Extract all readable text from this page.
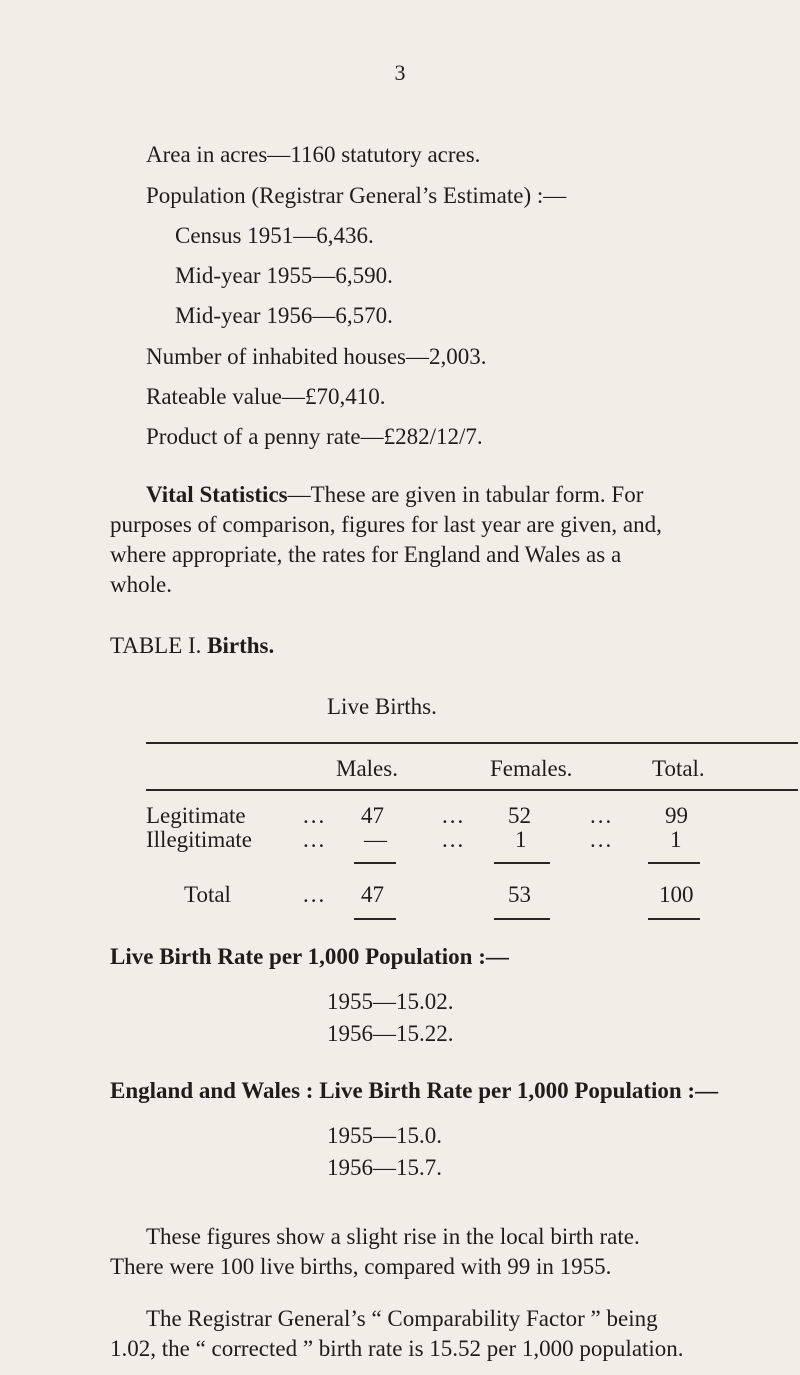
3
Area in acres—1160 statutory acres.
Population (Registrar General’s Estimate) :—
Census 1951—6,436.
Mid-year 1955—6,590.
Mid-year 1956—6,570.
Number of inhabited houses—2,003.
Rateable value—£70,410.
Product of a penny rate—£282/12/7.
Vital Statistics—These are given in tabular form. For
purposes of comparison, figures for last year are given, and,
where appropriate, the rates for England and Wales as a
whole.
TABLE I. Births.
Live Births.
Males.	Females.	Total.
Legitimate ... 47	... 52	... 99
Illegitimate ... — ... 1	... 1
Total	... 47	53	100
Live Birth Rate per 1,000 Population :—
1955—15.02.
1956—15.22.
England and Wales : Live Birth Rate per 1,000 Population :—
1955—15.0.
1956—15.7.
These figures show a slight rise in the local birth rate.
There were 100 live births, compared with 99 in 1955.
The Registrar General’s “ Comparability Factor ” being
1.02, the “ corrected ” birth rate is 15.52 per 1,000 population.
